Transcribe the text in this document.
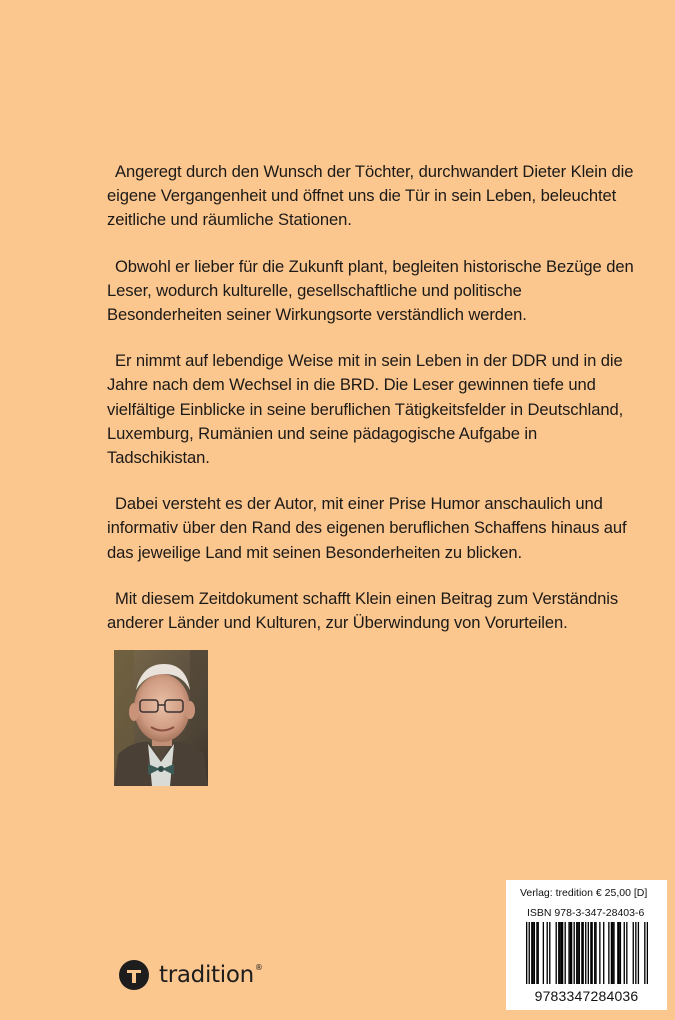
Angeregt durch den Wunsch der Töchter, durchwandert Dieter Klein die eigene Vergangenheit und öffnet uns die Tür in sein Leben, beleuchtet zeitliche und räumliche Stationen.

Obwohl er lieber für die Zukunft plant, begleiten historische Bezüge den Leser, wodurch kulturelle, gesellschaftliche und politische Besonderheiten seiner Wirkungsorte verständlich werden.

Er nimmt auf lebendige Weise mit in sein Leben in der DDR und in die Jahre nach dem Wechsel in die BRD. Die Leser gewinnen tiefe und vielfältige Einblicke in seine beruflichen Tätigkeitsfelder in Deutschland, Luxemburg, Rumänien und seine pädagogische Aufgabe in Tadschikistan.

Dabei versteht es der Autor, mit einer Prise Humor anschaulich und informativ über den Rand des eigenen beruflichen Schaffens hinaus auf das jeweilige Land mit seinen Besonderheiten zu blicken.

Mit diesem Zeitdokument schafft Klein einen Beitrag zum Verständnis anderer Länder und Kulturen, zur Überwindung von Vorurteilen.

tradition®
Verlag: tredition € 25,00 [D]
ISBN 978-3-347-28403-6
9783347284036
